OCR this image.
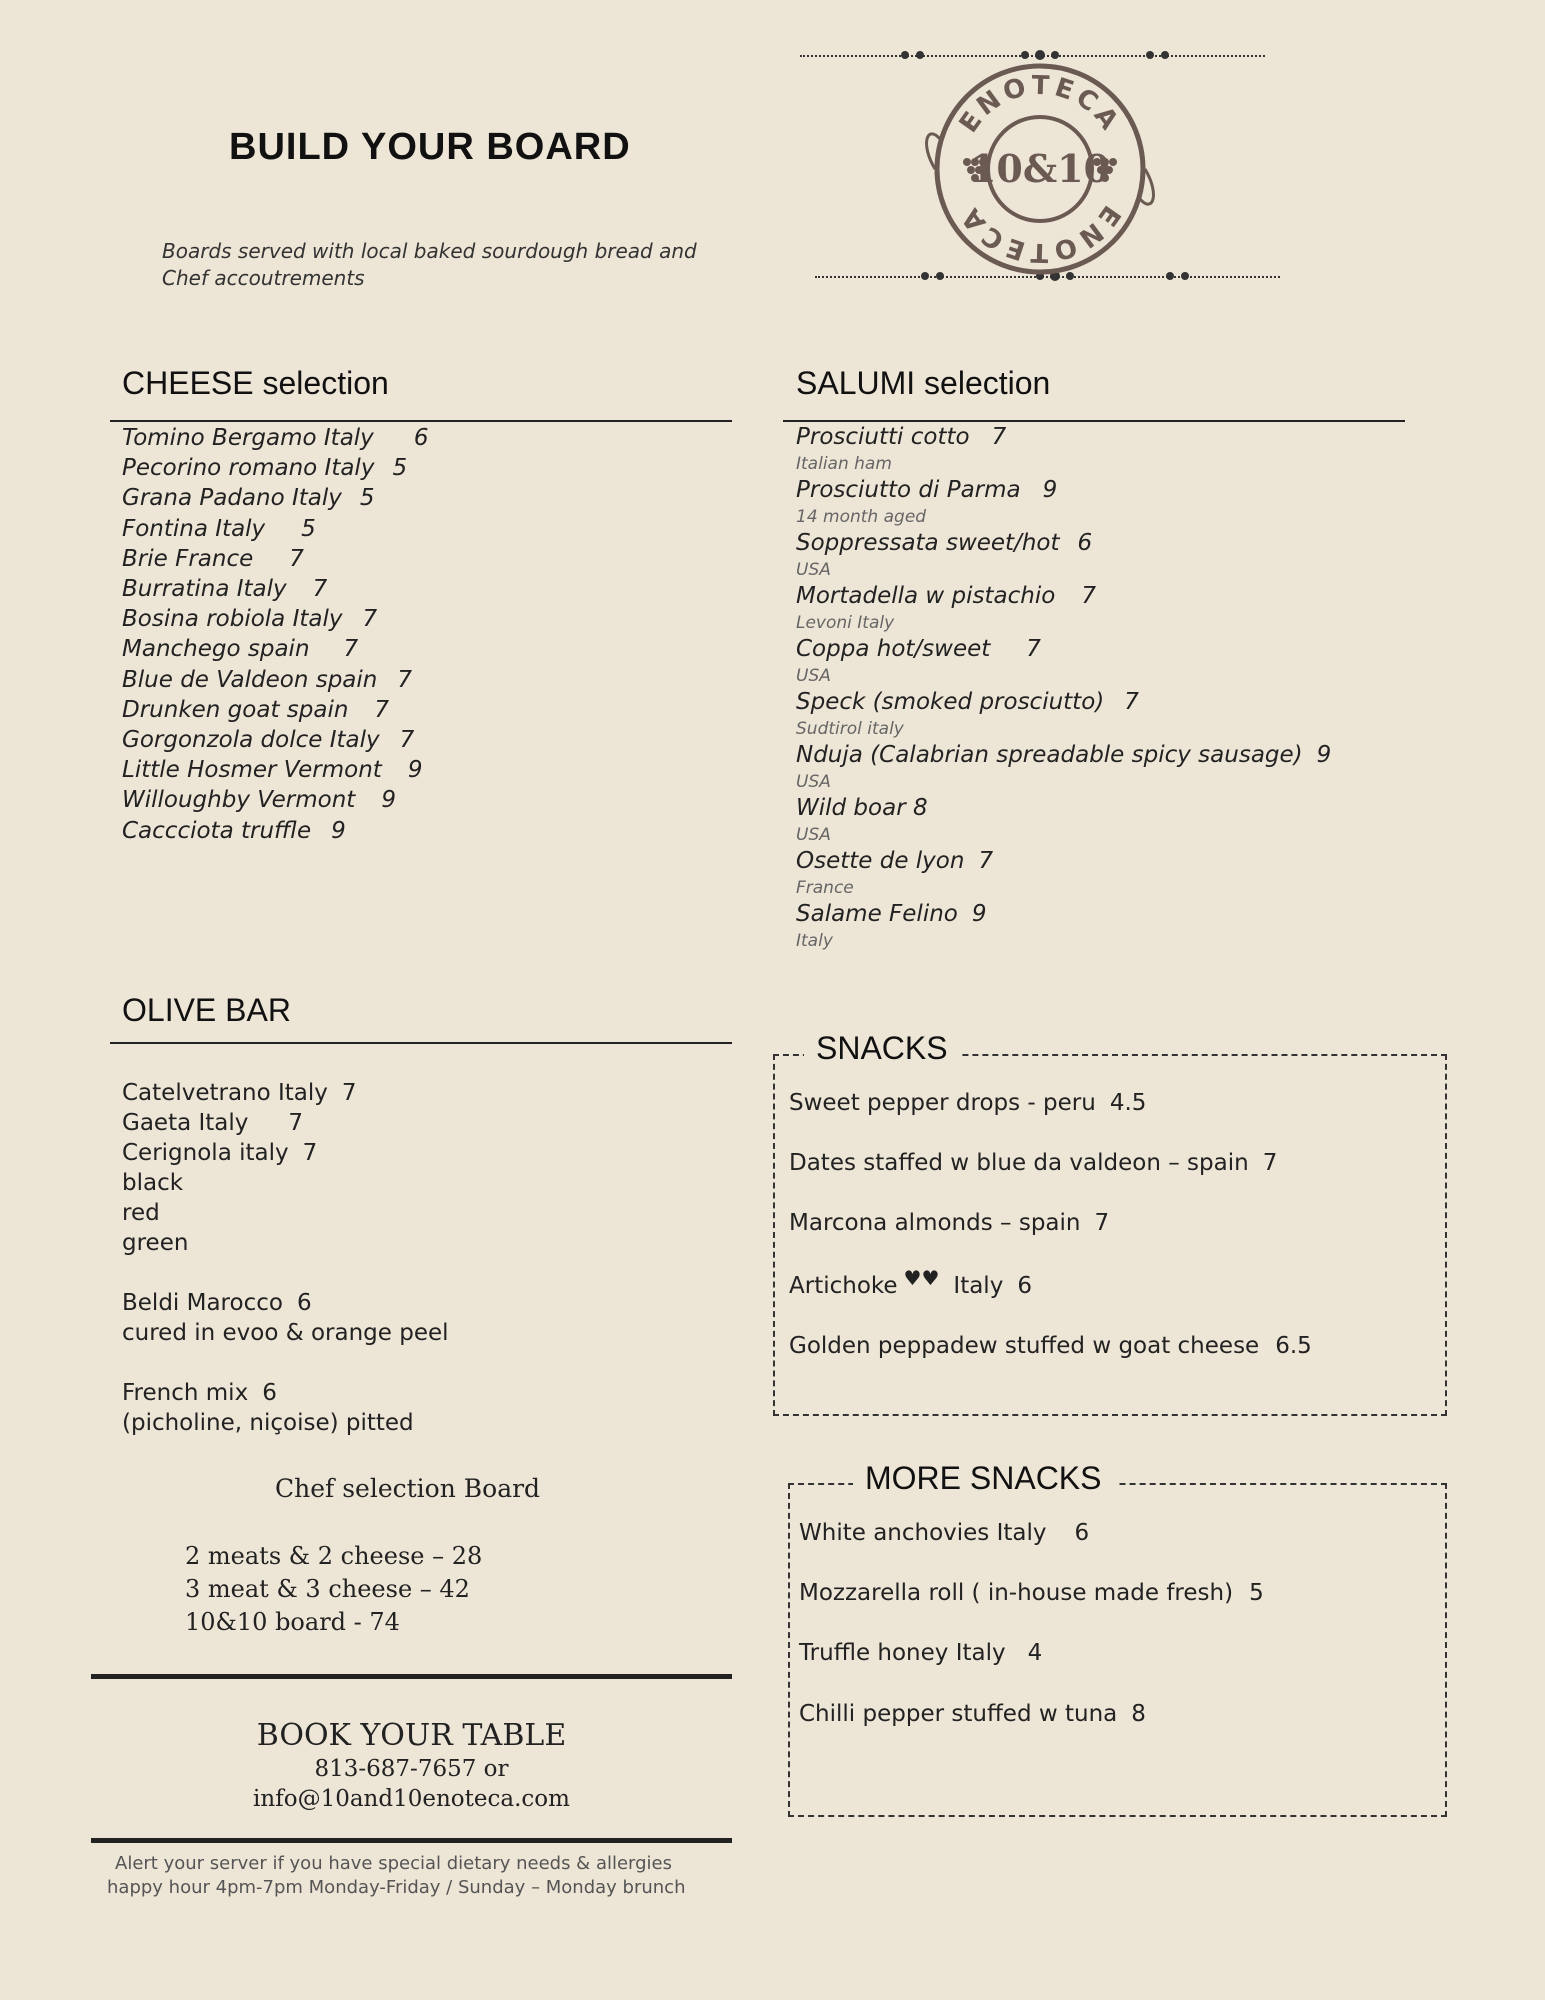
BUILD YOUR BOARD
Boards served with local baked sourdough bread and
Chef accoutrements
ENOTECA
ENOTECA
10&10
CHEESE selection
Tomino Bergamo Italy 6
Pecorino romano Italy 5
Grana Padano Italy 5
Fontina Italy 5
Brie France 7
Burratina Italy 7
Bosina robiola Italy 7
Manchego spain 7
Blue de Valdeon spain 7
Drunken goat spain 7
Gorgonzola dolce Italy 7
Little Hosmer Vermont 9
Willoughby Vermont 9
Caccciota truffle 9
SALUMI selection
Prosciutti cotto 7
Italian ham
Prosciutto di Parma 9
14 month aged
Soppressata sweet/hot 6
USA
Mortadella w pistachio 7
Levoni Italy
Coppa hot/sweet 7
USA
Speck (smoked prosciutto) 7
Sudtirol italy
Nduja (Calabrian spreadable spicy sausage) 9
USA
Wild boar 8
USA
Osette de lyon 7
France
Salame Felino 9
Italy
OLIVE BAR
Catelvetrano Italy 7
Gaeta Italy 7
Cerignola italy 7
black
red
green
Beldi Marocco 6
cured in evoo & orange peel
French mix 6
(picholine, niçoise) pitted
Chef selection Board
2 meats & 2 cheese – 28
3 meat & 3 cheese – 42
10&10 board - 74
BOOK YOUR TABLE
813-687-7657 or
info@10and10enoteca.com
Alert your server if you have special dietary needs & allergies
happy hour 4pm-7pm Monday-Friday / Sunday – Monday brunch
SNACKS
Sweet pepper drops - peru 4.5
Dates staffed w blue da valdeon – spain 7
Marcona almonds – spain 7
Artichoke ♥♥ Italy 6
Golden peppadew stuffed w goat cheese 6.5
MORE SNACKS
White anchovies Italy 6
Mozzarella roll ( in-house made fresh) 5
Truffle honey Italy 4
Chilli pepper stuffed w tuna 8
